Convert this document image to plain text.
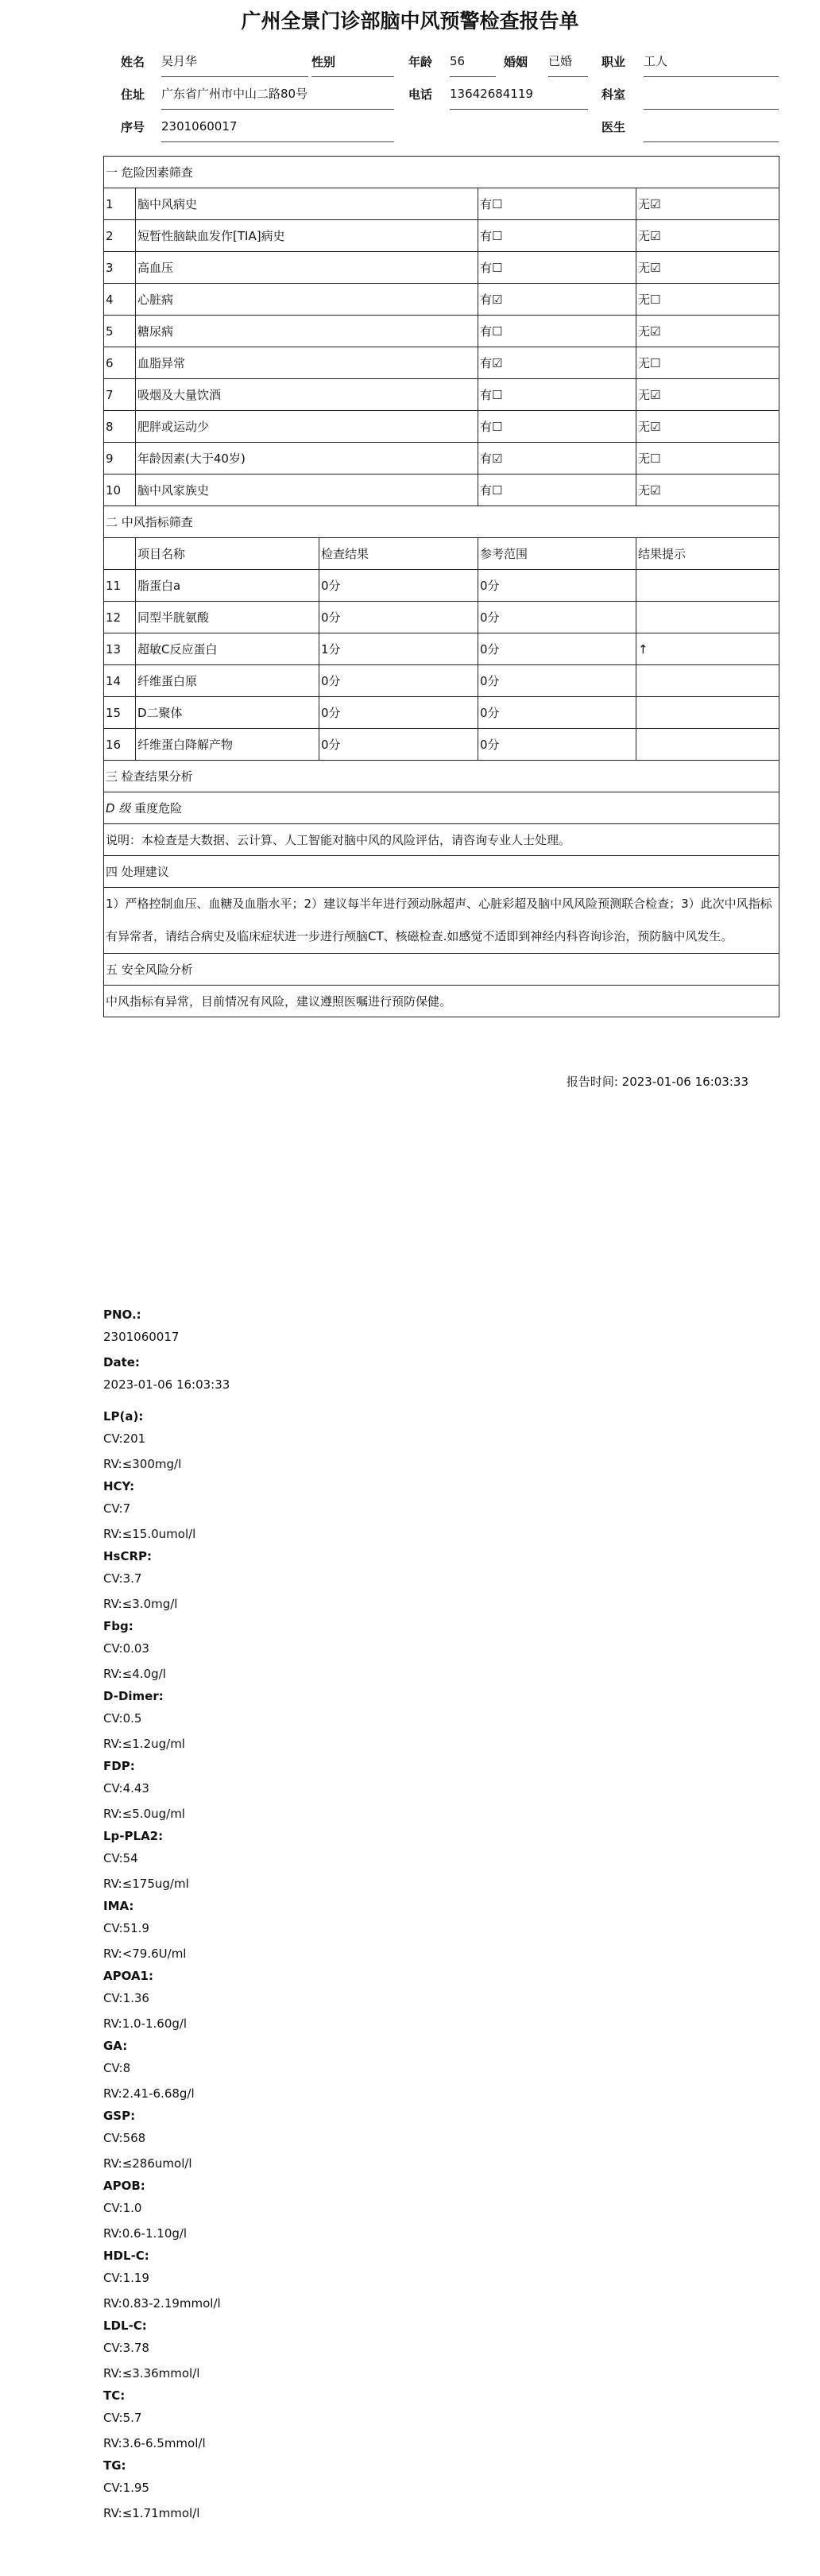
广州全景门诊部脑中风预警检查报告单
姓名 吴月华	性别	年龄 56	婚姻 已婚	职业 工人
住址 广东省广州市中山二路80号	电话 13642684119	科室
序号 2301060017	医生
一 危险因素筛查				
1	脑中风病史		有☐	无☑
2	短暂性脑缺血发作[TIA]病史		有☐	无☑
3	高血压		有☐	无☑
4	心脏病		有☑	无☐
5	糖尿病		有☐	无☑
6	血脂异常		有☑	无☐
7	吸烟及大量饮酒		有☐	无☑
8	肥胖或运动少		有☐	无☑
9	年龄因素(大于40岁)		有☑	无☐
10	脑中风家族史		有☐	无☑
二 中风指标筛查				
	项目名称	检查结果	参考范围	结果提示
11	脂蛋白a	0分	0分	
12	同型半胱氨酸	0分	0分	
13	超敏C反应蛋白	1分	0分	↑
14	纤维蛋白原	0分	0分	
15	D二聚体	0分	0分	
16	纤维蛋白降解产物	0分	0分	
三 检查结果分析				
D 级 重度危险				
说明：本检查是大数据、云计算、人工智能对脑中风的风险评估，请咨询专业人士处理。				
四 处理建议				
1）严格控制血压、血糖及血脂水平；2）建议每半年进行颈动脉超声、心脏彩超及脑中风风险预测联合检查；3）此次中风指标有异常者，请结合病史及临床症状进一步进行颅脑CT、核磁检查.如感觉不适即到神经内科咨询诊治，预防脑中风发生。				
五 安全风险分析				
中风指标有异常，目前情况有风险，建议遵照医嘱进行预防保健。				
报告时间: 2023-01-06 16:03:33
PNO.:
2301060017
Date:
2023-01-06 16:03:33
LP(a):
CV:201
RV:≤300mg/l
HCY:
CV:7
RV:≤15.0umol/l
HsCRP:
CV:3.7
RV:≤3.0mg/l
Fbg:
CV:0.03
RV:≤4.0g/l
D-Dimer:
CV:0.5
RV:≤1.2ug/ml
FDP:
CV:4.43
RV:≤5.0ug/ml
Lp-PLA2:
CV:54
RV:≤175ug/ml
IMA:
CV:51.9
RV:<79.6U/ml
APOA1:
CV:1.36
RV:1.0-1.60g/l
GA:
CV:8
RV:2.41-6.68g/l
GSP:
CV:568
RV:≤286umol/l
APOB:
CV:1.0
RV:0.6-1.10g/l
HDL-C:
CV:1.19
RV:0.83-2.19mmol/l
LDL-C:
CV:3.78
RV:≤3.36mmol/l
TC:
CV:5.7
RV:3.6-6.5mmol/l
TG:
CV:1.95
RV:≤1.71mmol/l
